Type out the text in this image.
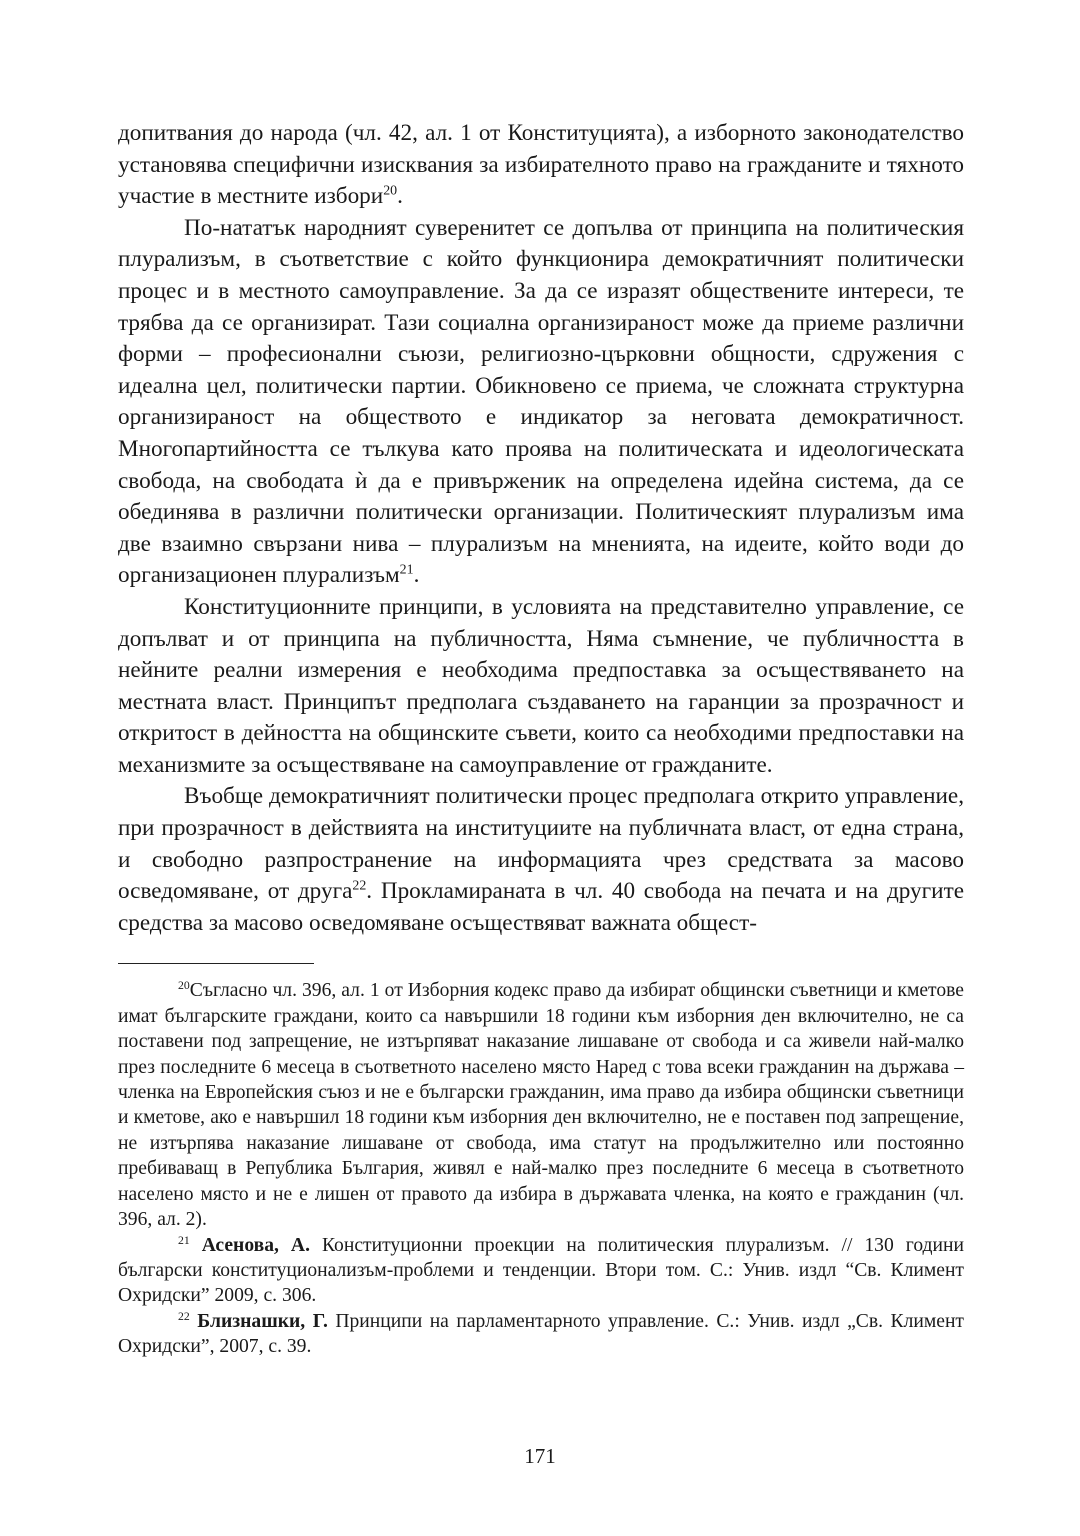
допитвания до народа (чл. 42, ал. 1 от Конституцията), а изборното законодателство установява специфични изисквания за избирателното право на гражданите и тяхното участие в местните избори$^{20}$.

По-нататък народният суверенитет се допълва от принципа на политическия плурализъм, в съответствие с който функционира демократичният политически процес и в местното самоуправление. За да се изразят обществените интереси, те трябва да се организират. Тази социална организираност може да приеме различни форми – професионални съюзи, религиозно-църковни общности, сдружения с идеална цел, политически партии. Обикновено се приема, че сложната структурна организираност на обществото е индикатор за неговата демократичност. Многопартийността се тълкува като проява на политическата и идеологическата свобода, на свободата ѝ да е привърженик на определена идейна система, да се обединява в различни политически организации. Политическият плурализъм има две взаимно свързани нива – плурализъм на мненията, на идеите, който води до организационен плурализъм$^{21}$.

Конституционните принципи, в условията на представително управление, се допълват и от принципа на публичността, Няма съмнение, че публичността в нейните реални измерения е необходима предпоставка за осъществяването на местната власт. Принципът предполага създаването на гаранции за прозрачност и откритост в дейността на общинските съвети, които са необходими предпоставки на механизмите за осъществяване на самоуправление от гражданите.

Въобще демократичният политически процес предполага открито управление, при прозрачност в действията на институциите на публичната власт, от една страна, и свободно разпространение на информацията чрез средствата за масово осведомяване, от друга$^{22}$. Прокламираната в чл. 40 свобода на печата и на другите средства за масово осведомяване осъществяват важната общест-

$^{20}$Съгласно чл. 396, ал. 1 от Изборния кодекс право да избират общински съветници и кметове имат българските граждани, които са навършили 18 години към изборния ден включително, не са поставени под запрещение, не изтърпяват наказание лишаване от свобода и са живели най-малко през последните 6 месеца в съответното населено място Наред с това всеки гражданин на държава – членка на Европейския съюз и не е български гражданин, има право да избира общински съветници и кметове, ако е навършил 18 години към изборния ден включително, не е поставен под запрещение, не изтърпява наказание лишаване от свобода, има статут на продължително или постоянно пребиваващ в Република България, живял е най-малко през последните 6 месеца в съответното населено място и не е лишен от правото да избира в държавата членка, на която е гражданин (чл. 396, ал. 2).

$^{21}$ Асенова, А. Конституционни проекции на политическия плурализъм. // 130 години български конституционализъм-проблеми и тенденции. Втори том. С.: Унив. издл “Св. Климент Охридски” 2009, с. 306.

$^{22}$ Близнашки, Г. Принципи на парламентарното управление. С.: Унив. издл „Св. Климент Охридски”, 2007, с. 39.

171
